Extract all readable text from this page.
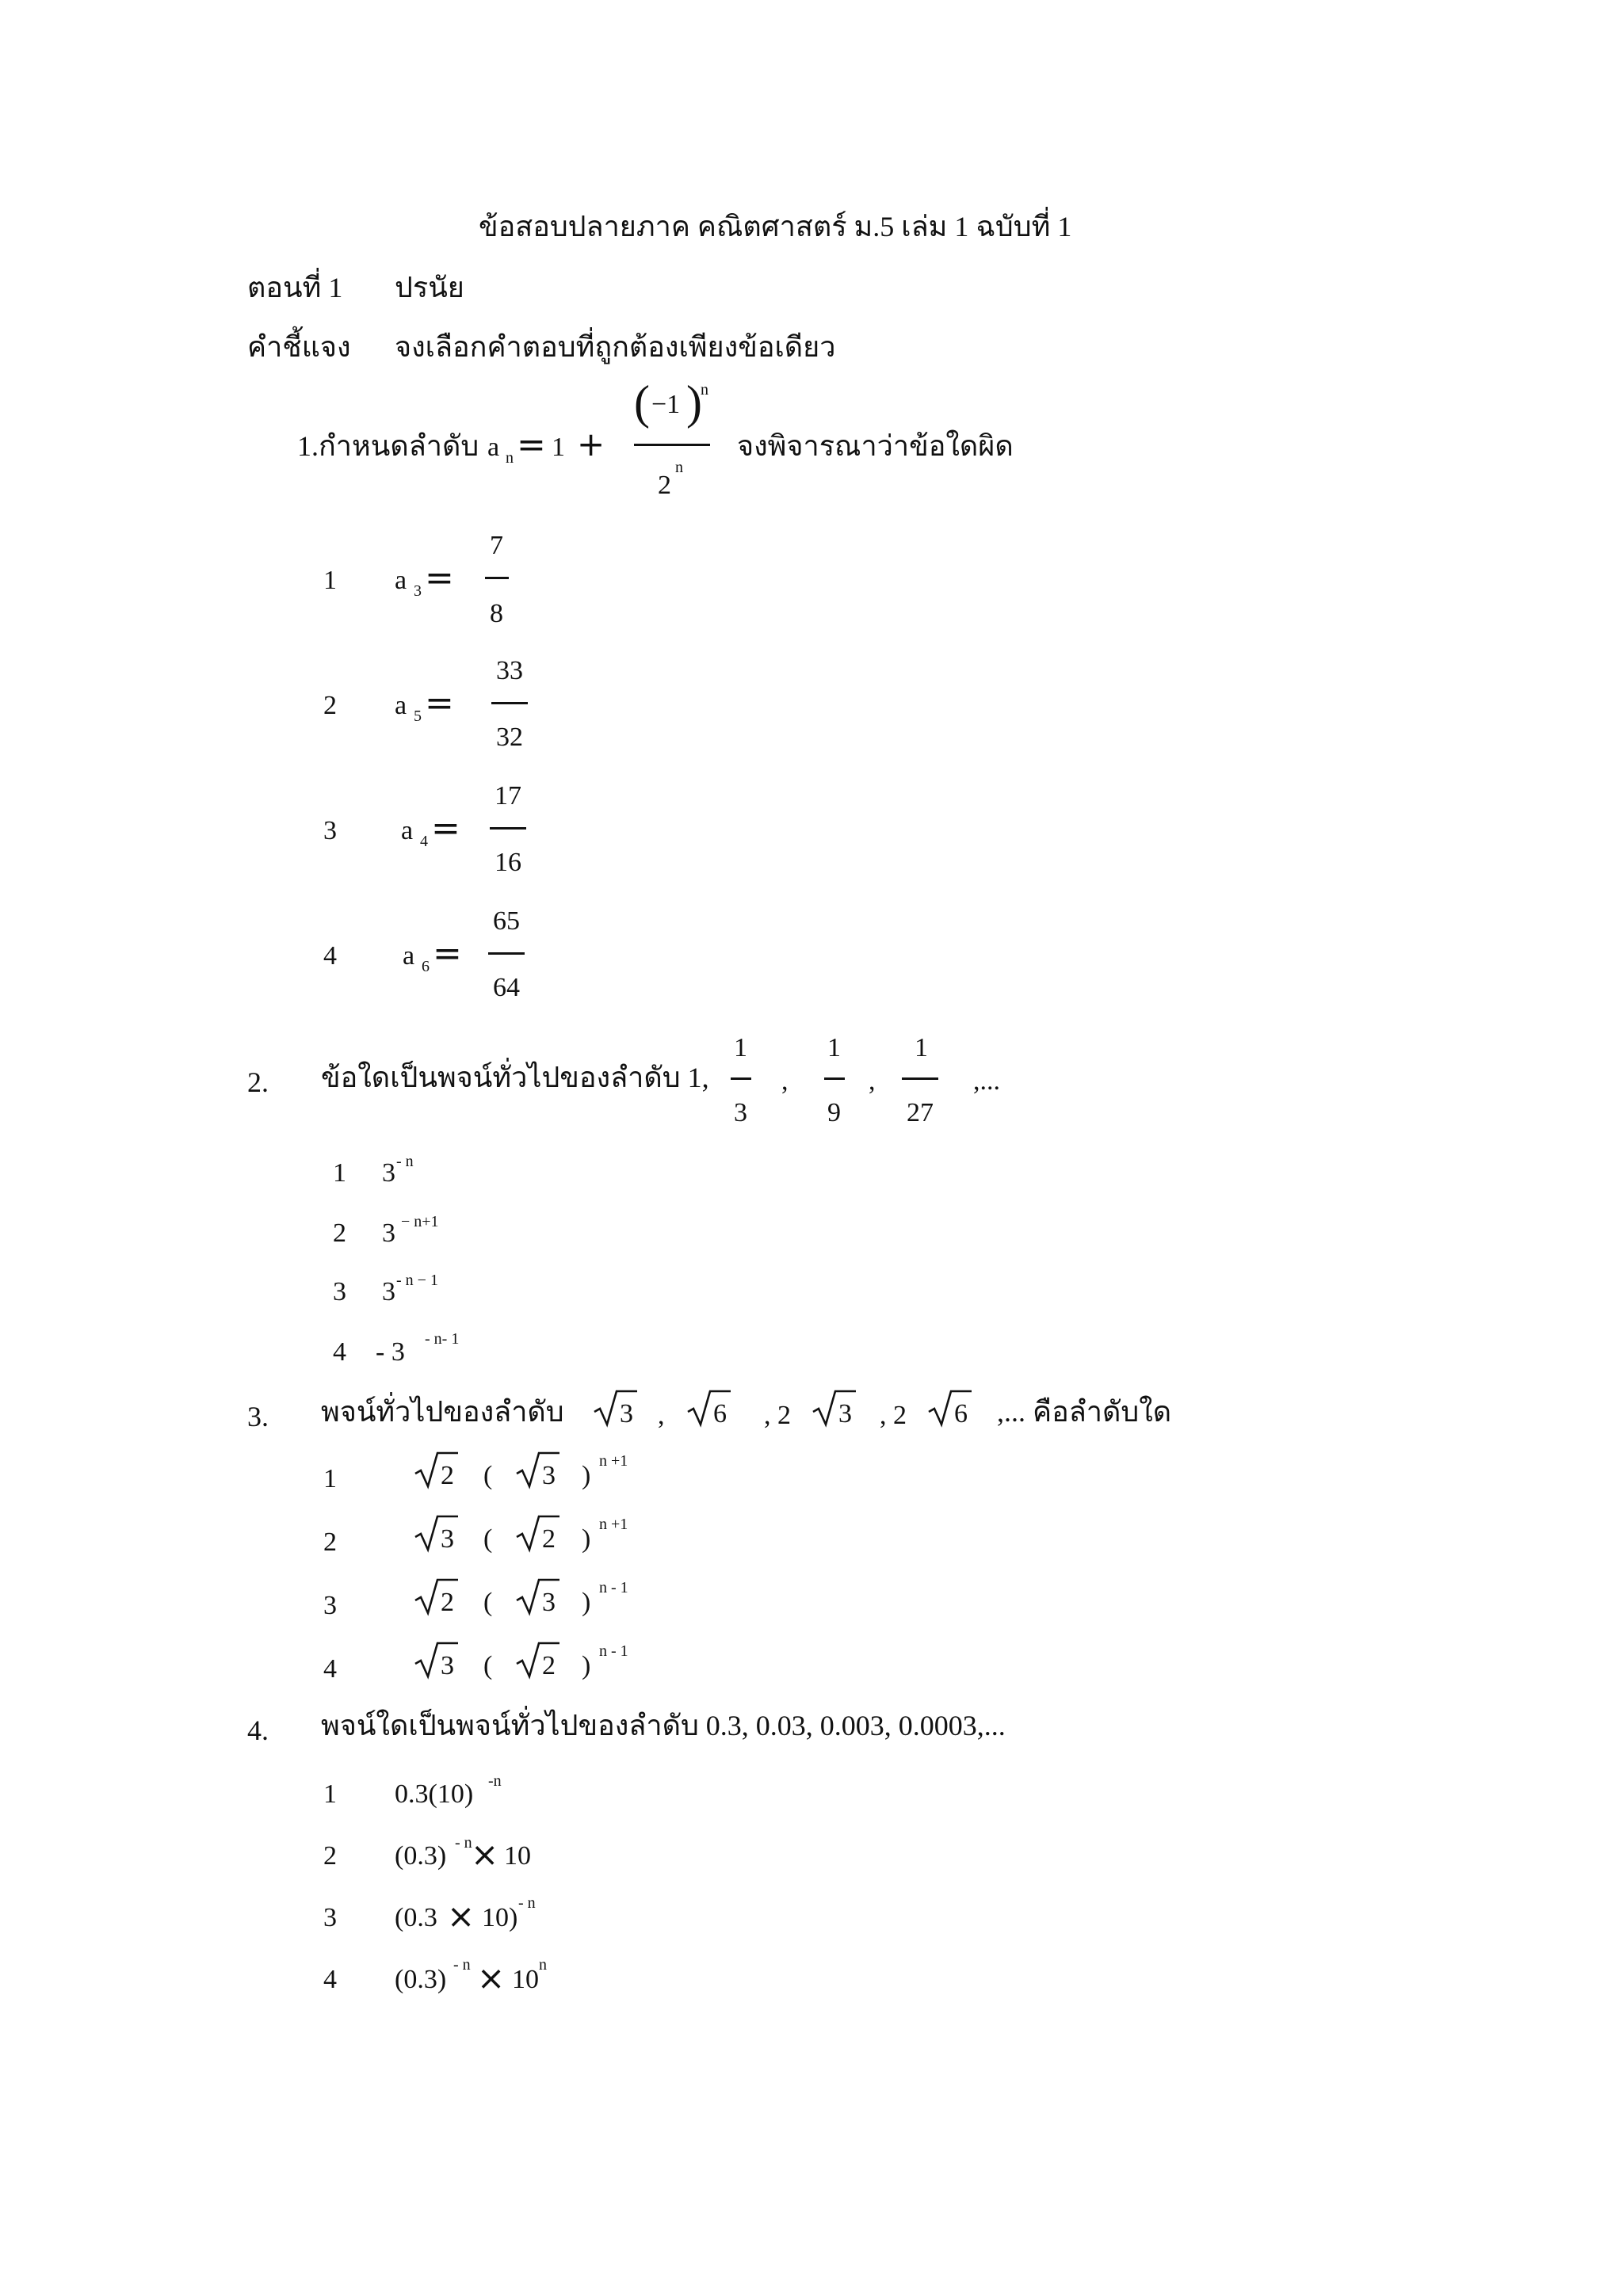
ข้อสอบปลายภาค คณิตศาสตร์ ม.5 เล่ม 1 ฉบับที่ 1
ตอนที่ 1 ปรนัย
คำชี้แจง จงเลือกคำตอบที่ถูกต้องเพียงข้อเดียว
1.กำหนดลำดับ a n = 1 +
( −1 )
n
2
n
จงพิจารณาว่าข้อใดผิด
1 a 3 =
7
8
2 a 5 =
33
32
3 a 4 =
17
16
4 a 6 =
65
64
2. ข้อใดเป็นพจน์ทั่วไปของลำดับ 1,
1
3
,
1
9
,
1
27
,...
1 3 - n
2 3 − n+1
3 3 - n − 1
4 - 3 - n- 1
3. พจน์ทั่วไปของลำดับ 3 , 6 , 2 3 , 2 6 ,... คือลำดับใด
1	2 ( 3 ) n +1
2	3 ( 2 ) n +1
3	2 ( 3 ) n - 1
4	3 ( 2 ) n - 1
4. พจน์ใดเป็นพจน์ทั่วไปของลำดับ 0.3, 0.03, 0.003, 0.0003,...
1 0.3(10) -n
2 (0.3) - n
× 10
3 (0.3 × 10) - n
4 (0.3) - n × 10 n
